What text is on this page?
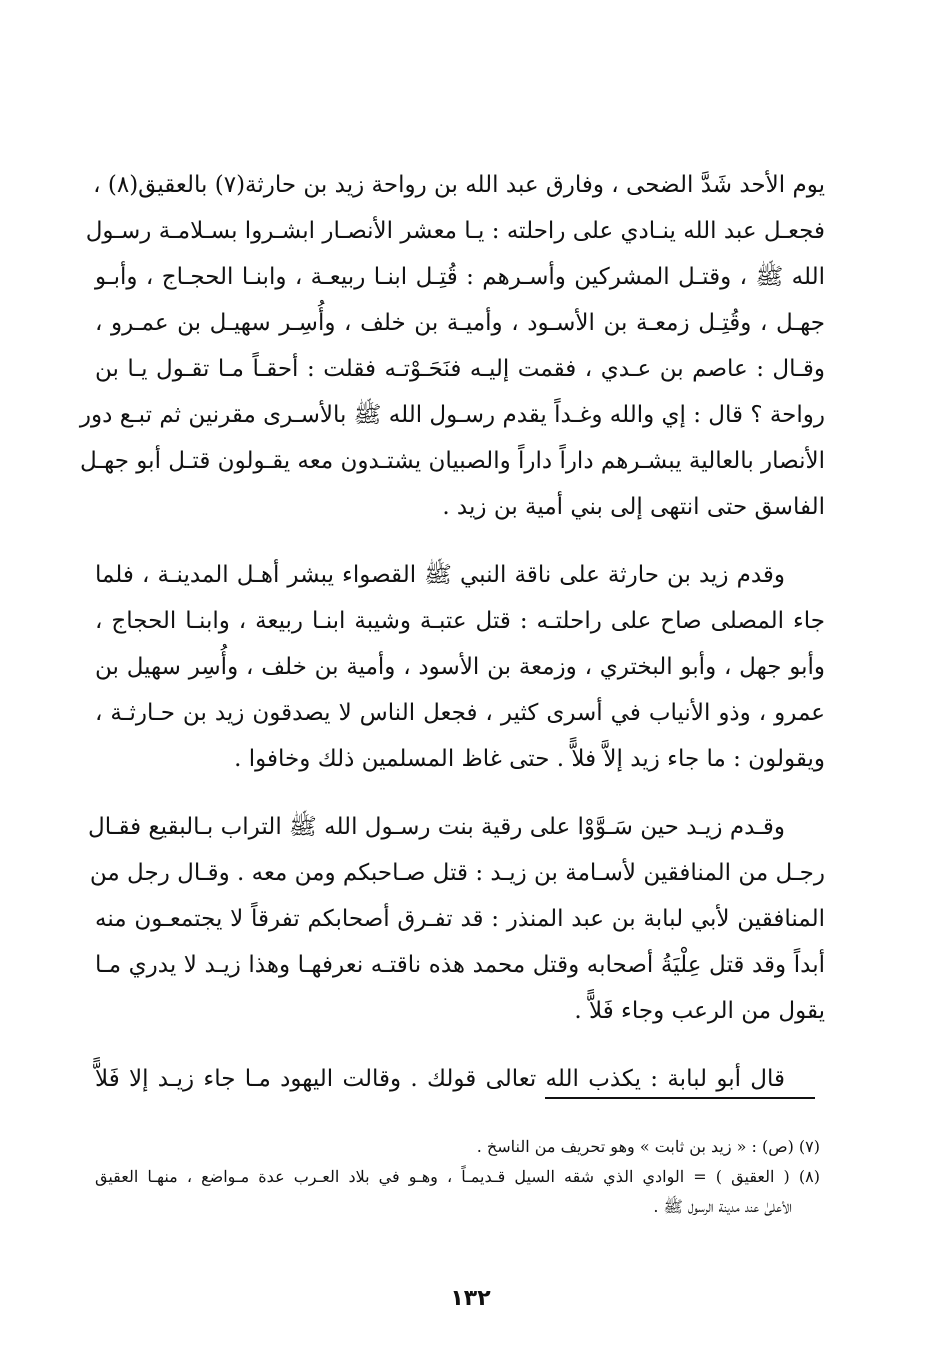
يوم الأحد شَدَّ الضحى ، وفارق عبد الله بن رواحة زيد بن حارثة(٧) بالعقيق(٨) ،
فجعـل عبد الله ينـادي على راحلته : يـا معشر الأنصـار ابشـروا بسـلامـة رسـول
الله ﷺ ، وقتـل المشركين وأسـرهم : قُتِـل ابنـا ربيعـة ، وابنـا الحجـاج ، وأبـو
جهـل ، وقُتِـل زمعـة بن الأسـود ، وأميـة بن خلف ، وأُسِـر سهيـل بن عمـرو ،
وقـال : عاصم بن عـدي ، فقمت إليـه فنَحَـوْتـه فقلت : أحقـاً مـا تقـول يـا بن
رواحة ؟ قال : إي والله وغـداً يقدم رسـول الله ﷺ بالأسـرى مقرنين ثم تبـع دور
الأنصار بالعالية يبشـرهم داراً داراً والصبيان يشتـدون معه يقـولون قتـل أبو جهـل
الفاسق حتى انتهى إلى بني أمية بن زيد .

وقدم زيد بن حارثة على ناقة النبي ﷺ القصواء يبشر أهـل المدينـة ، فلما
جاء المصلى صاح على راحلتـه : قتل عتبـة وشيبة ابنـا ربيعة ، وابنـا الحجاج ،
وأبو جهل ، وأبو البختري ، وزمعة بن الأسود ، وأمية بن خلف ، وأُسِر سهيل بن
عمرو ، وذو الأنياب في أسرى كثير ، فجعل الناس لا يصدقون زيد بن حـارثـة ،
ويقولون : ما جاء زيد إلاَّ فلاًّ . حتى غاظ المسلمين ذلك وخافوا .

وقـدم زيـد حين سَـوَّوْا على رقية بنت رسـول الله ﷺ التراب بـالبقيع فقـال
رجـل من المنافقين لأسـامة بن زيـد : قتل صـاحبكم ومن معه . وقـال رجل من
المنافقين لأبي لبابة بن عبد المنذر : قد تفـرق أصحابكم تفرقاً لا يجتمعـون منه
أبداً وقد قتل عِلْيَةُ أصحابه وقتل محمد هذه ناقتـه نعرفهـا وهذا زيـد لا يدري مـا
يقول من الرعب وجاء فَلاًّ .

قال أبو لبابة : يكذب الله تعالى قولك . وقالت اليهود مـا جاء زيـد إلا فَلاًّ

(٧) (ص) : « زيد بن ثابت » وهو تحريف من الناسخ .
(٨) ( العقيق ) = الوادي الذي شقه السيل قـديمـاً ، وهـو في بلاد العـرب عدة مـواضع ، منهـا العقيق
الأعلىٰ عند مدينة الرسول ﷺ .
١٣٢
